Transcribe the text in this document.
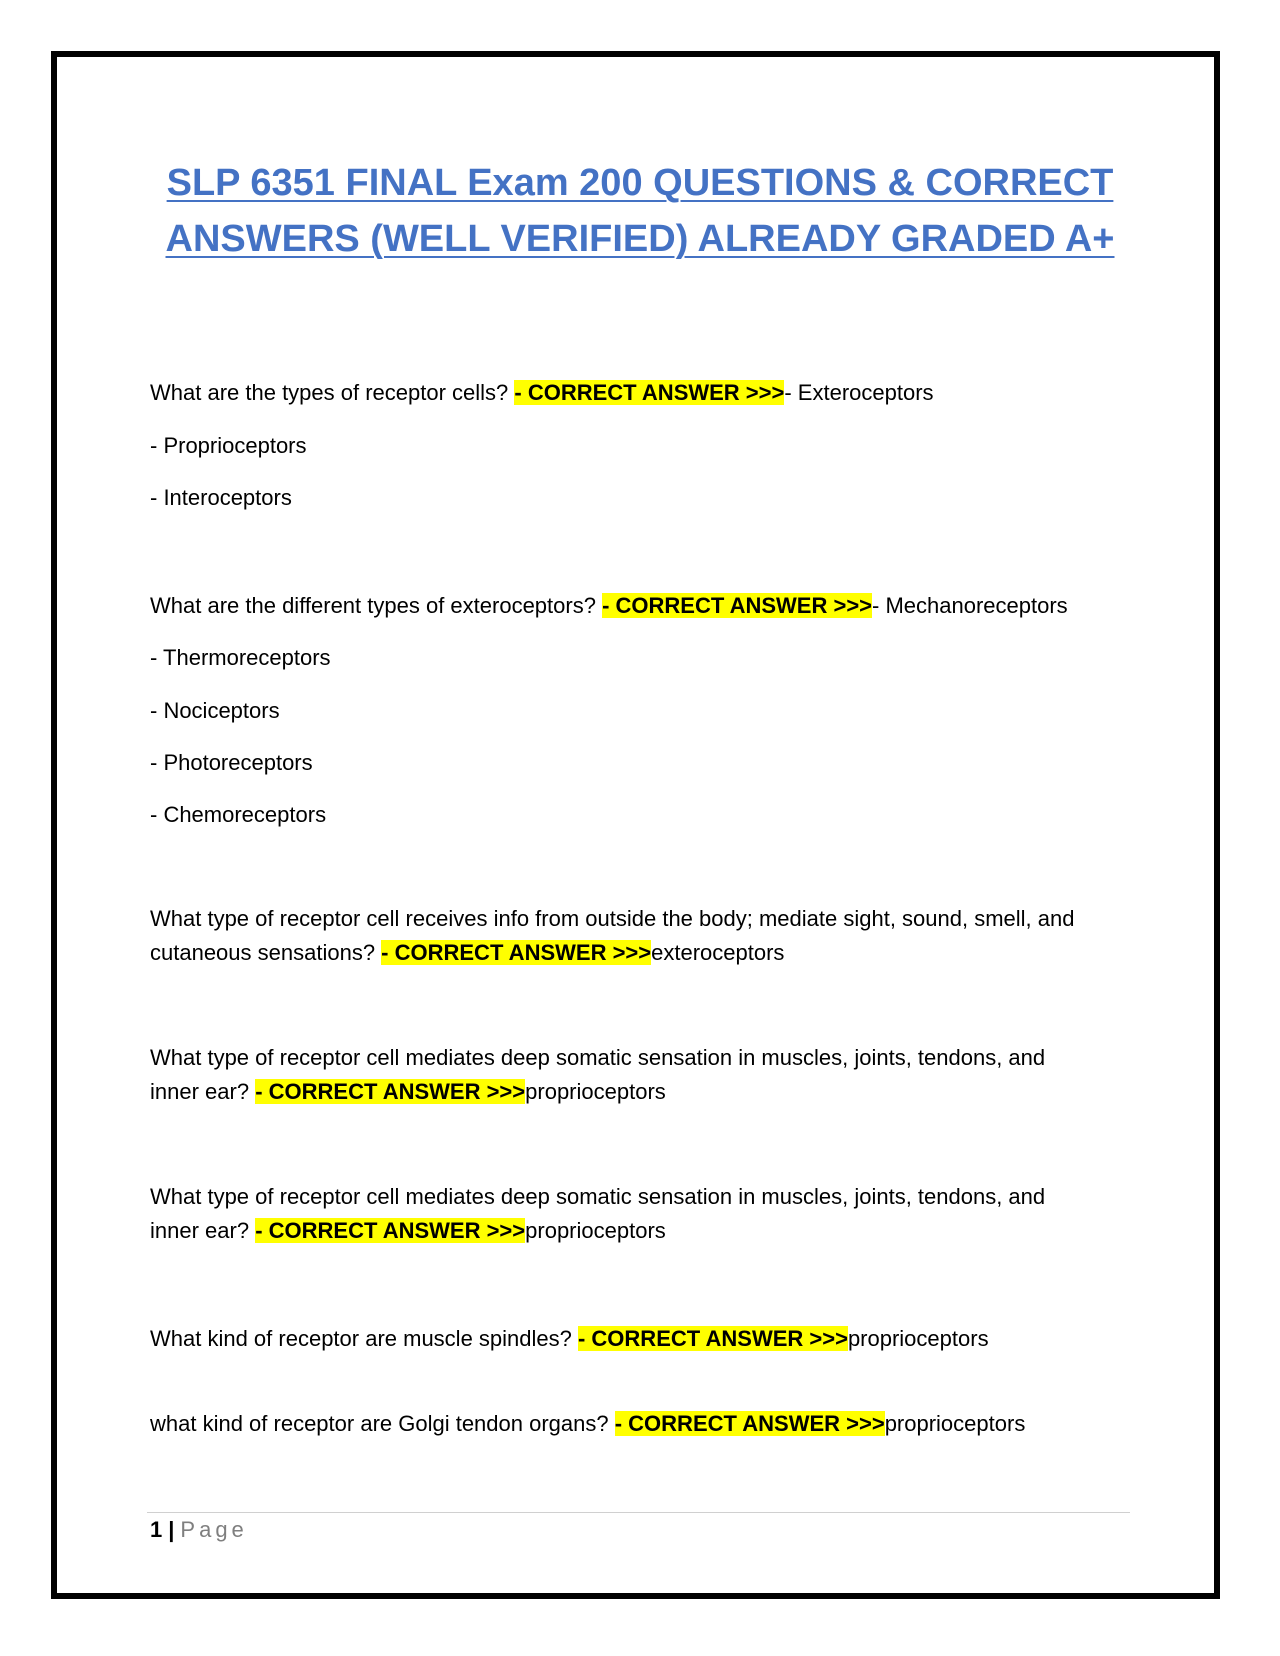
SLP 6351 FINAL Exam 200 QUESTIONS & CORRECT
ANSWERS (WELL VERIFIED) ALREADY GRADED A+
What are the types of receptor cells? - CORRECT ANSWER >>>- Exteroceptors
- Proprioceptors
- Interoceptors
What are the different types of exteroceptors? - CORRECT ANSWER >>>- Mechanoreceptors
- Thermoreceptors
- Nociceptors
- Photoreceptors
- Chemoreceptors
What type of receptor cell receives info from outside the body; mediate sight, sound, smell, and
cutaneous sensations? - CORRECT ANSWER >>>exteroceptors
What type of receptor cell mediates deep somatic sensation in muscles, joints, tendons, and
inner ear? - CORRECT ANSWER >>>proprioceptors
What type of receptor cell mediates deep somatic sensation in muscles, joints, tendons, and
inner ear? - CORRECT ANSWER >>>proprioceptors
What kind of receptor are muscle spindles? - CORRECT ANSWER >>>proprioceptors
what kind of receptor are Golgi tendon organs? - CORRECT ANSWER >>>proprioceptors
1 | Page
